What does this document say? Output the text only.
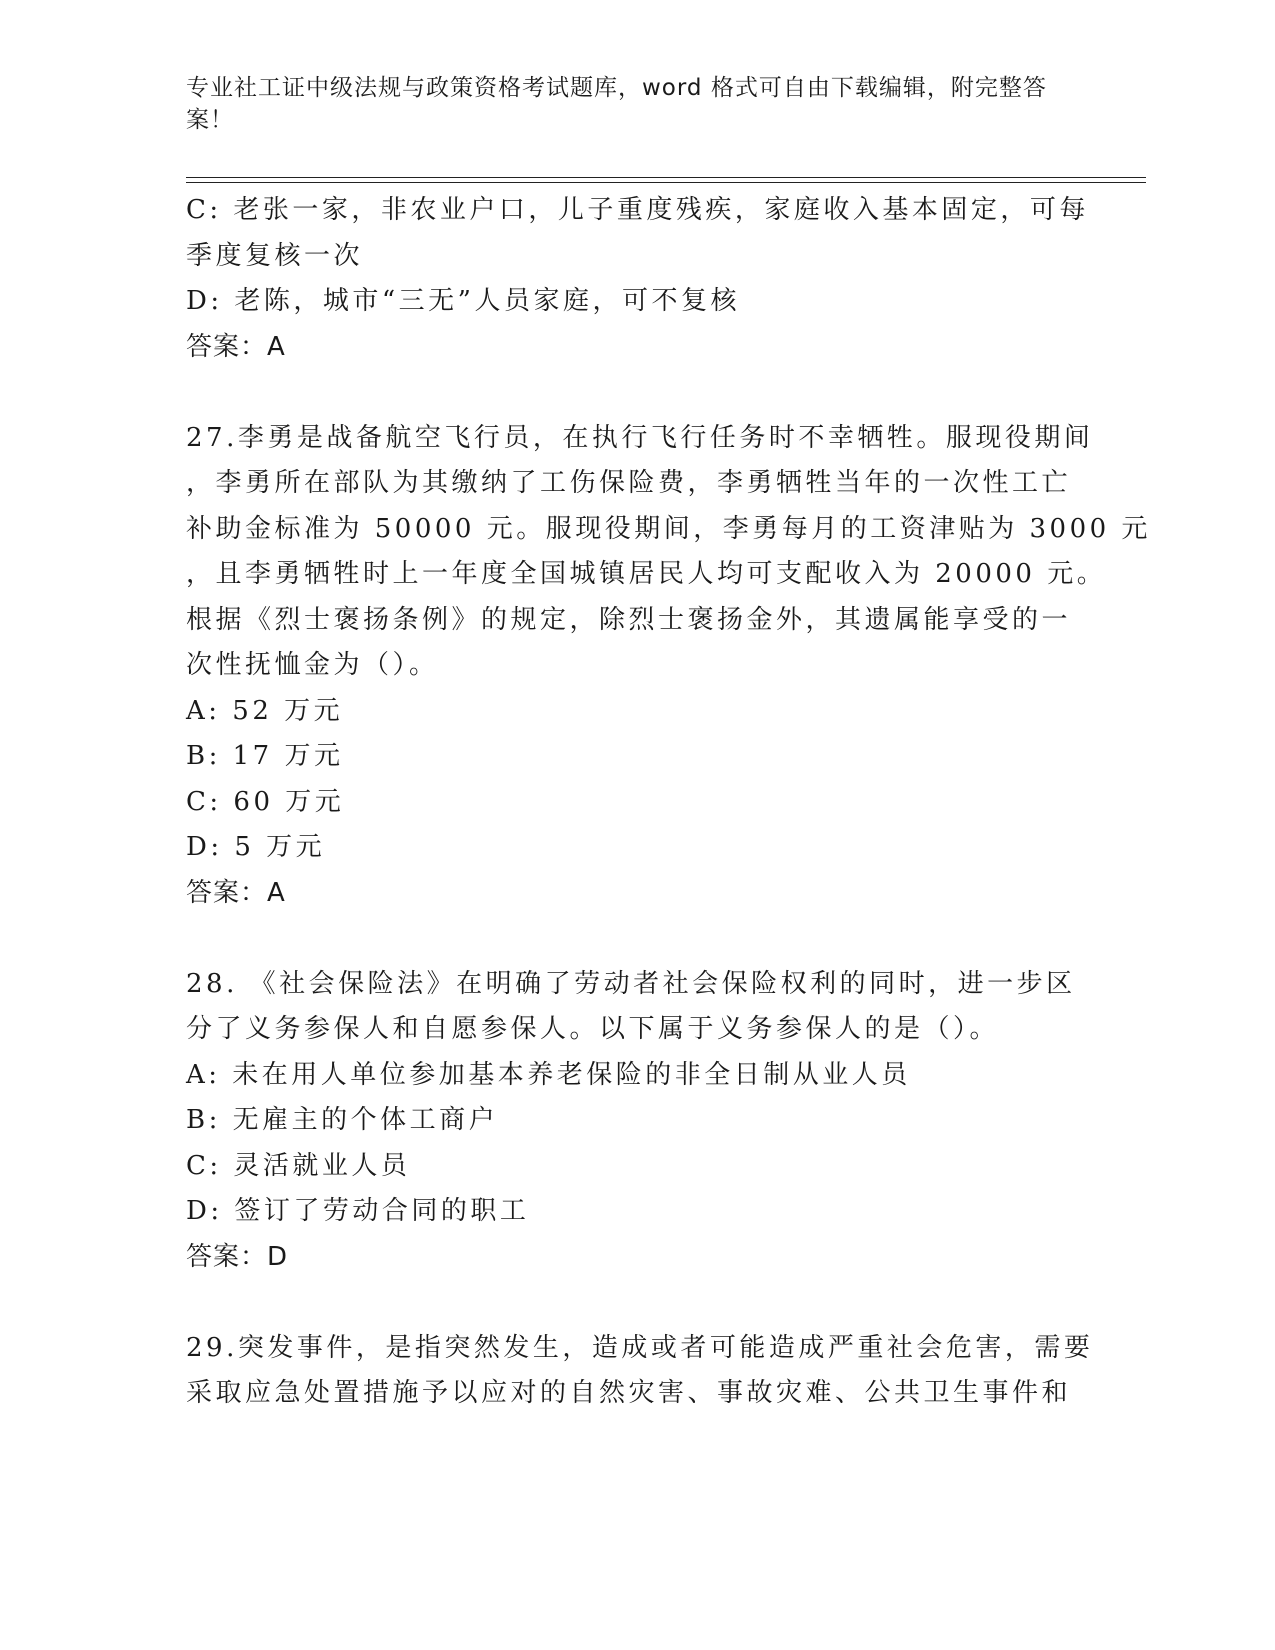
专业社工证中级法规与政策资格考试题库，word 格式可自由下载编辑，附完整答
案！
C: 老张一家，非农业户口，儿子重度残疾，家庭收入基本固定，可每
季度复核一次
D: 老陈，城市“三无”人员家庭，可不复核
答案：A
27.李勇是战备航空飞行员，在执行飞行任务时不幸牺牲。服现役期间
，李勇所在部队为其缴纳了工伤保险费，李勇牺牲当年的一次性工亡
补助金标准为 50000 元。服现役期间，李勇每月的工资津贴为 3000 元
，且李勇牺牲时上一年度全国城镇居民人均可支配收入为 20000 元。
根据《烈士褒扬条例》的规定，除烈士褒扬金外，其遗属能享受的一
次性抚恤金为（）。
A: 52 万元
B: 17 万元
C: 60 万元
D: 5 万元
答案：A
28. 《社会保险法》在明确了劳动者社会保险权利的同时，进一步区
分了义务参保人和自愿参保人。以下属于义务参保人的是（）。
A: 未在用人单位参加基本养老保险的非全日制从业人员
B: 无雇主的个体工商户
C: 灵活就业人员
D: 签订了劳动合同的职工
答案：D
29.突发事件，是指突然发生，造成或者可能造成严重社会危害，需要
采取应急处置措施予以应对的自然灾害、事故灾难、公共卫生事件和
